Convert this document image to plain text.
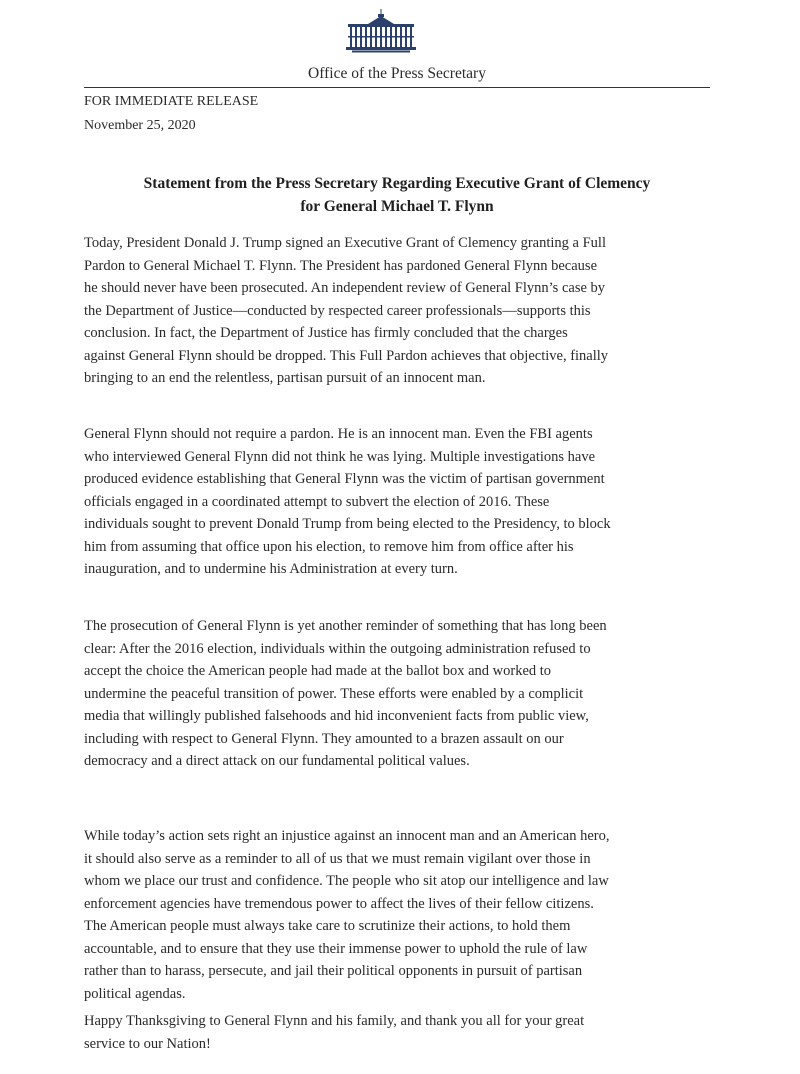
Office of the Press Secretary
FOR IMMEDIATE RELEASE
November 25, 2020
Statement from the Press Secretary Regarding Executive Grant of Clemency
for General Michael T. Flynn
Today, President Donald J. Trump signed an Executive Grant of Clemency granting a Full
Pardon to General Michael T. Flynn. The President has pardoned General Flynn because
he should never have been prosecuted. An independent review of General Flynn’s case by
the Department of Justice—conducted by respected career professionals—supports this
conclusion. In fact, the Department of Justice has firmly concluded that the charges
against General Flynn should be dropped. This Full Pardon achieves that objective, finally
bringing to an end the relentless, partisan pursuit of an innocent man.
General Flynn should not require a pardon. He is an innocent man. Even the FBI agents
who interviewed General Flynn did not think he was lying. Multiple investigations have
produced evidence establishing that General Flynn was the victim of partisan government
officials engaged in a coordinated attempt to subvert the election of 2016. These
individuals sought to prevent Donald Trump from being elected to the Presidency, to block
him from assuming that office upon his election, to remove him from office after his
inauguration, and to undermine his Administration at every turn.
The prosecution of General Flynn is yet another reminder of something that has long been
clear: After the 2016 election, individuals within the outgoing administration refused to
accept the choice the American people had made at the ballot box and worked to
undermine the peaceful transition of power. These efforts were enabled by a complicit
media that willingly published falsehoods and hid inconvenient facts from public view,
including with respect to General Flynn. They amounted to a brazen assault on our
democracy and a direct attack on our fundamental political values.
While today’s action sets right an injustice against an innocent man and an American hero,
it should also serve as a reminder to all of us that we must remain vigilant over those in
whom we place our trust and confidence. The people who sit atop our intelligence and law
enforcement agencies have tremendous power to affect the lives of their fellow citizens.
The American people must always take care to scrutinize their actions, to hold them
accountable, and to ensure that they use their immense power to uphold the rule of law
rather than to harass, persecute, and jail their political opponents in pursuit of partisan
political agendas.
Happy Thanksgiving to General Flynn and his family, and thank you all for your great
service to our Nation!
